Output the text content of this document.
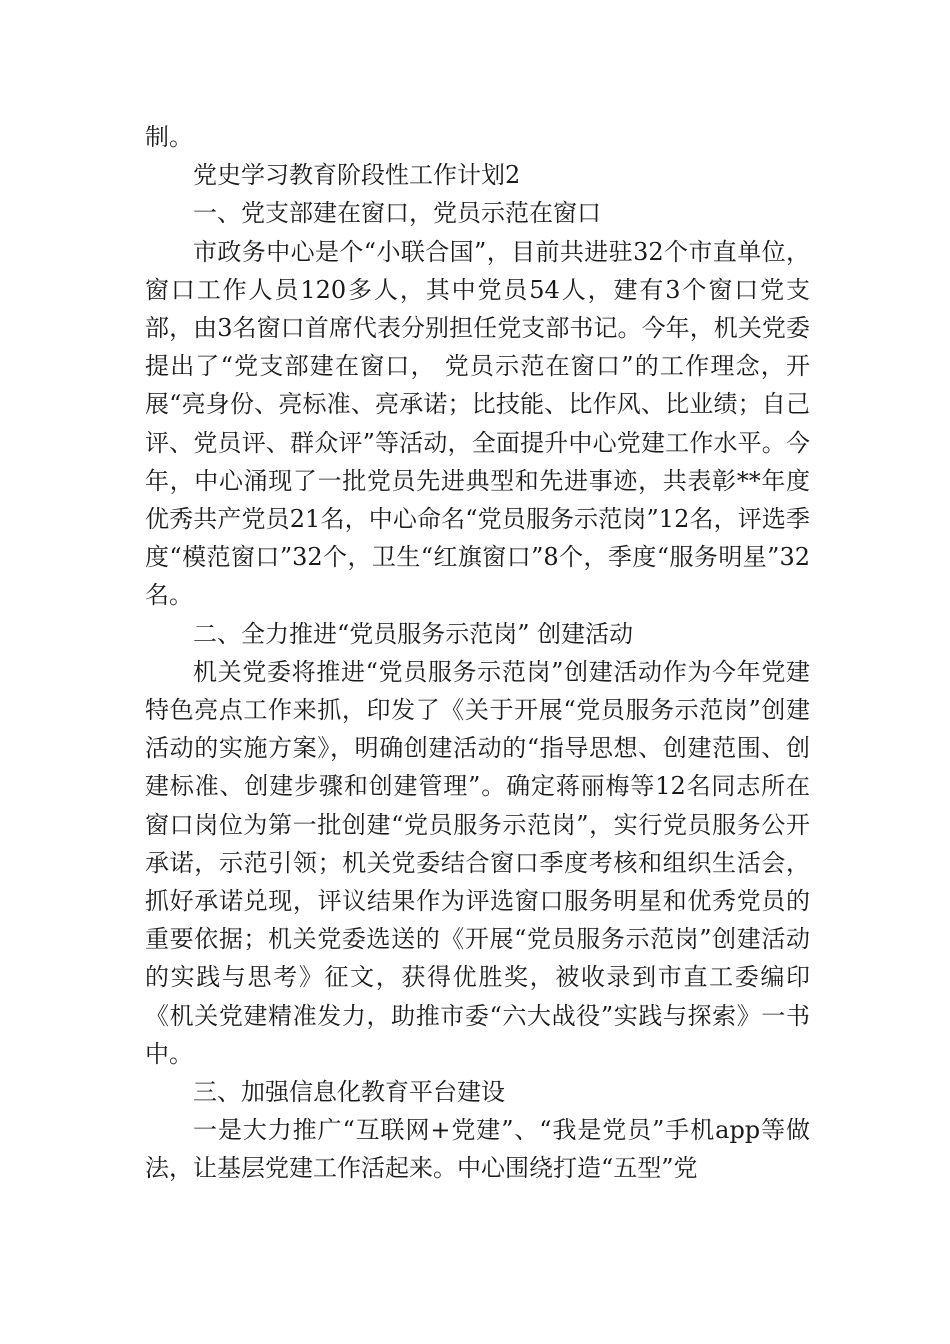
制。

党史学习教育阶段性工作计划2

一、党支部建在窗口，党员示范在窗口

市政务中心是个“小联合国”，目前共进驻32个市直单位，窗口工作人员120多人，其中党员54人，建有3个窗口党支部，由3名窗口首席代表分别担任党支部书记。今年，机关党委提出了“党支部建在窗口， 党员示范在窗口”的工作理念，开展“亮身份、亮标准、亮承诺；比技能、比作风、比业绩；自己评、党员评、群众评”等活动，全面提升中心党建工作水平。今年，中心涌现了一批党员先进典型和先进事迹，共表彰**年度优秀共产党员21名，中心命名“党员服务示范岗”12名，评选季度“模范窗口”32个，卫生“红旗窗口”8个，季度“服务明星”32名。

二、全力推进“党员服务示范岗” 创建活动

机关党委将推进“党员服务示范岗”创建活动作为今年党建特色亮点工作来抓，印发了《关于开展“党员服务示范岗”创建活动的实施方案》，明确创建活动的“指导思想、创建范围、创建标准、创建步骤和创建管理”。确定蒋丽梅等12名同志所在窗口岗位为第一批创建“党员服务示范岗”，实行党员服务公开承诺，示范引领；机关党委结合窗口季度考核和组织生活会，抓好承诺兑现，评议结果作为评选窗口服务明星和优秀党员的重要依据；机关党委选送的《开展“党员服务示范岗”创建活动的实践与思考》征文，获得优胜奖，被收录到市直工委编印《机关党建精准发力，助推市委“六大战役”实践与探索》一书中。

三、加强信息化教育平台建设

一是大力推广“互联网+党建”、“我是党员”手机app等做法，让基层党建工作活起来。中心围绕打造“五型”党
